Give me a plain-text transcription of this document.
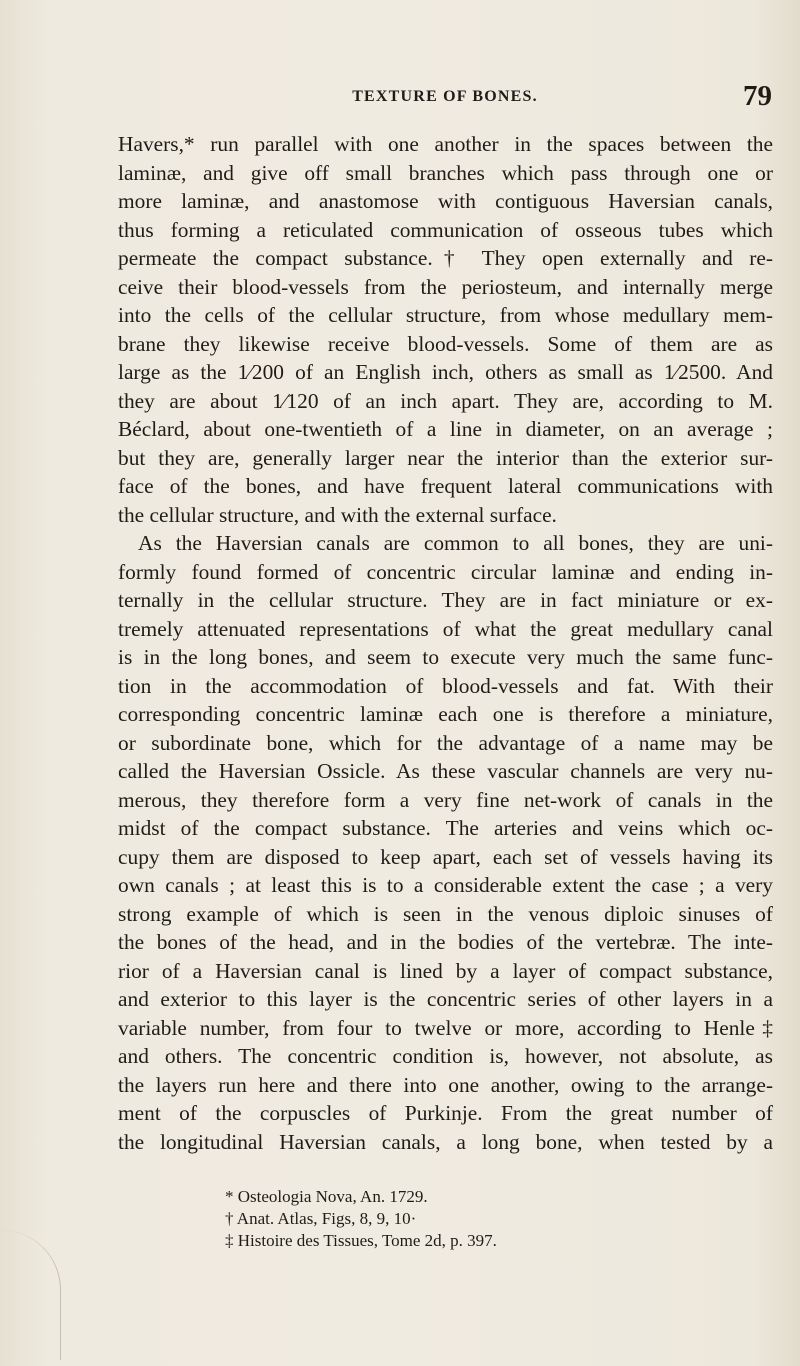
TEXTURE OF BONES.	79
Havers,* run parallel with one another in the spaces between the
laminæ, and give off small branches which pass through one or
more laminæ, and anastomose with contiguous Haversian canals,
thus forming a reticulated communication of osseous tubes which
permeate the compact substance.† They open externally and re-
ceive their blood-vessels from the periosteum, and internally merge
into the cells of the cellular structure, from whose medullary mem-
brane they likewise receive blood-vessels. Some of them are as
large as the 1⁄200 of an English inch, others as small as 1⁄2500. And
they are about 1⁄120 of an inch apart. They are, according to M.
Béclard, about one-twentieth of a line in diameter, on an average ;
but they are, generally larger near the interior than the exterior sur-
face of the bones, and have frequent lateral communications with
the cellular structure, and with the external surface.
As the Haversian canals are common to all bones, they are uni-
formly found formed of concentric circular laminæ and ending in-
ternally in the cellular structure. They are in fact miniature or ex-
tremely attenuated representations of what the great medullary canal
is in the long bones, and seem to execute very much the same func-
tion in the accommodation of blood-vessels and fat. With their
corresponding concentric laminæ each one is therefore a miniature,
or subordinate bone, which for the advantage of a name may be
called the Haversian Ossicle. As these vascular channels are very nu-
merous, they therefore form a very fine net-work of canals in the
midst of the compact substance. The arteries and veins which oc-
cupy them are disposed to keep apart, each set of vessels having its
own canals ; at least this is to a considerable extent the case ; a very
strong example of which is seen in the venous diploic sinuses of
the bones of the head, and in the bodies of the vertebræ. The inte-
rior of a Haversian canal is lined by a layer of compact substance,
and exterior to this layer is the concentric series of other layers in a
variable number, from four to twelve or more, according to Henle‡
and others. The concentric condition is, however, not absolute, as
the layers run here and there into one another, owing to the arrange-
ment of the corpuscles of Purkinje. From the great number of
the longitudinal Haversian canals, a long bone, when tested by a
* Osteologia Nova, An. 1729.
† Anat. Atlas, Figs, 8, 9, 10·
‡ Histoire des Tissues, Tome 2d, p. 397.
